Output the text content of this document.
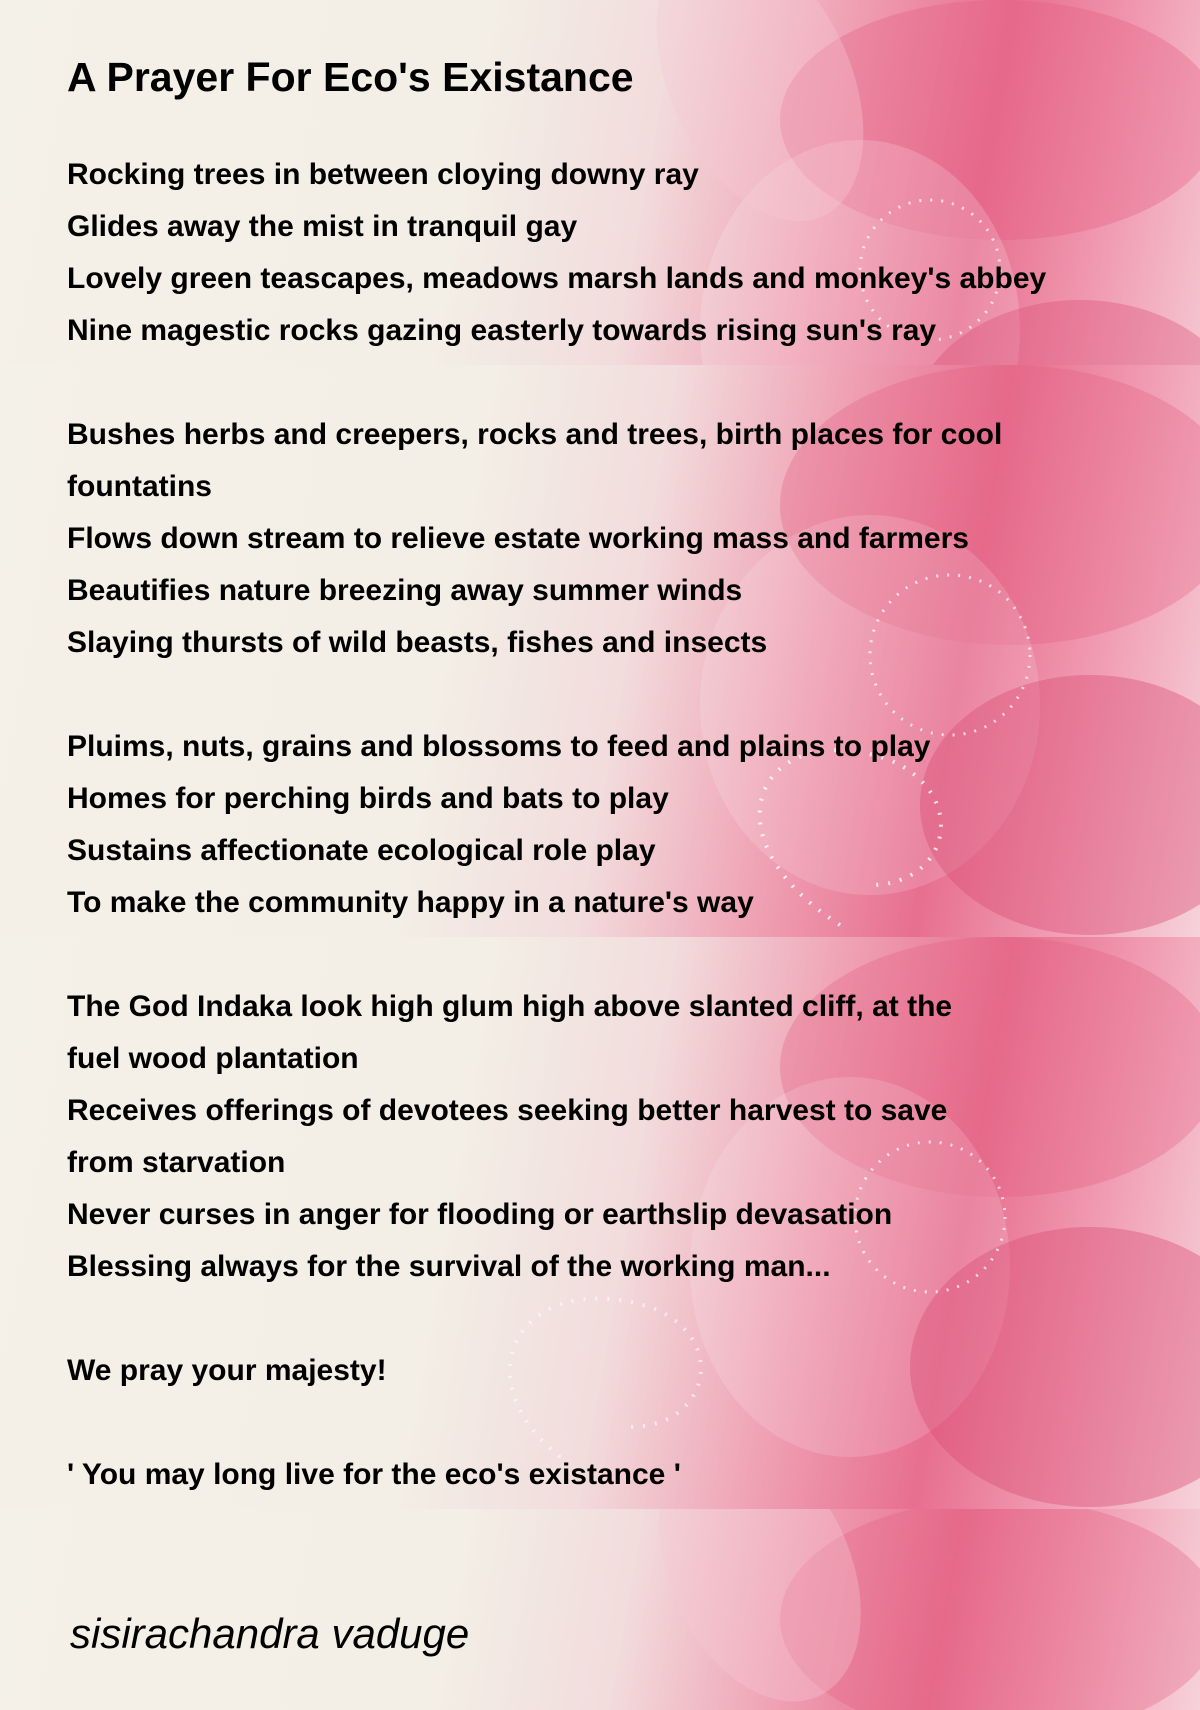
A Prayer For Eco's Existance
Rocking trees in between cloying downy ray
Glides away the mist in tranquil gay
Lovely green teascapes, meadows marsh lands and monkey's abbey
Nine magestic rocks gazing easterly towards rising sun's ray
Bushes herbs and creepers, rocks and trees, birth places for cool
fountatins
Flows down stream to relieve estate working mass and farmers
Beautifies nature breezing away summer winds
Slaying thursts of wild beasts, fishes and insects
Pluims, nuts, grains and blossoms to feed and plains to play
Homes for perching birds and bats to play
Sustains affectionate ecological role play
To make the community happy in a nature's way
The God Indaka look high glum high above slanted cliff, at the
fuel wood plantation
Receives offerings of devotees seeking better harvest to save
from starvation
Never curses in anger for flooding or earthslip devasation
Blessing always for the survival of the working man...
We pray your majesty!
' You may long live for the eco's existance '
sisirachandra vaduge
